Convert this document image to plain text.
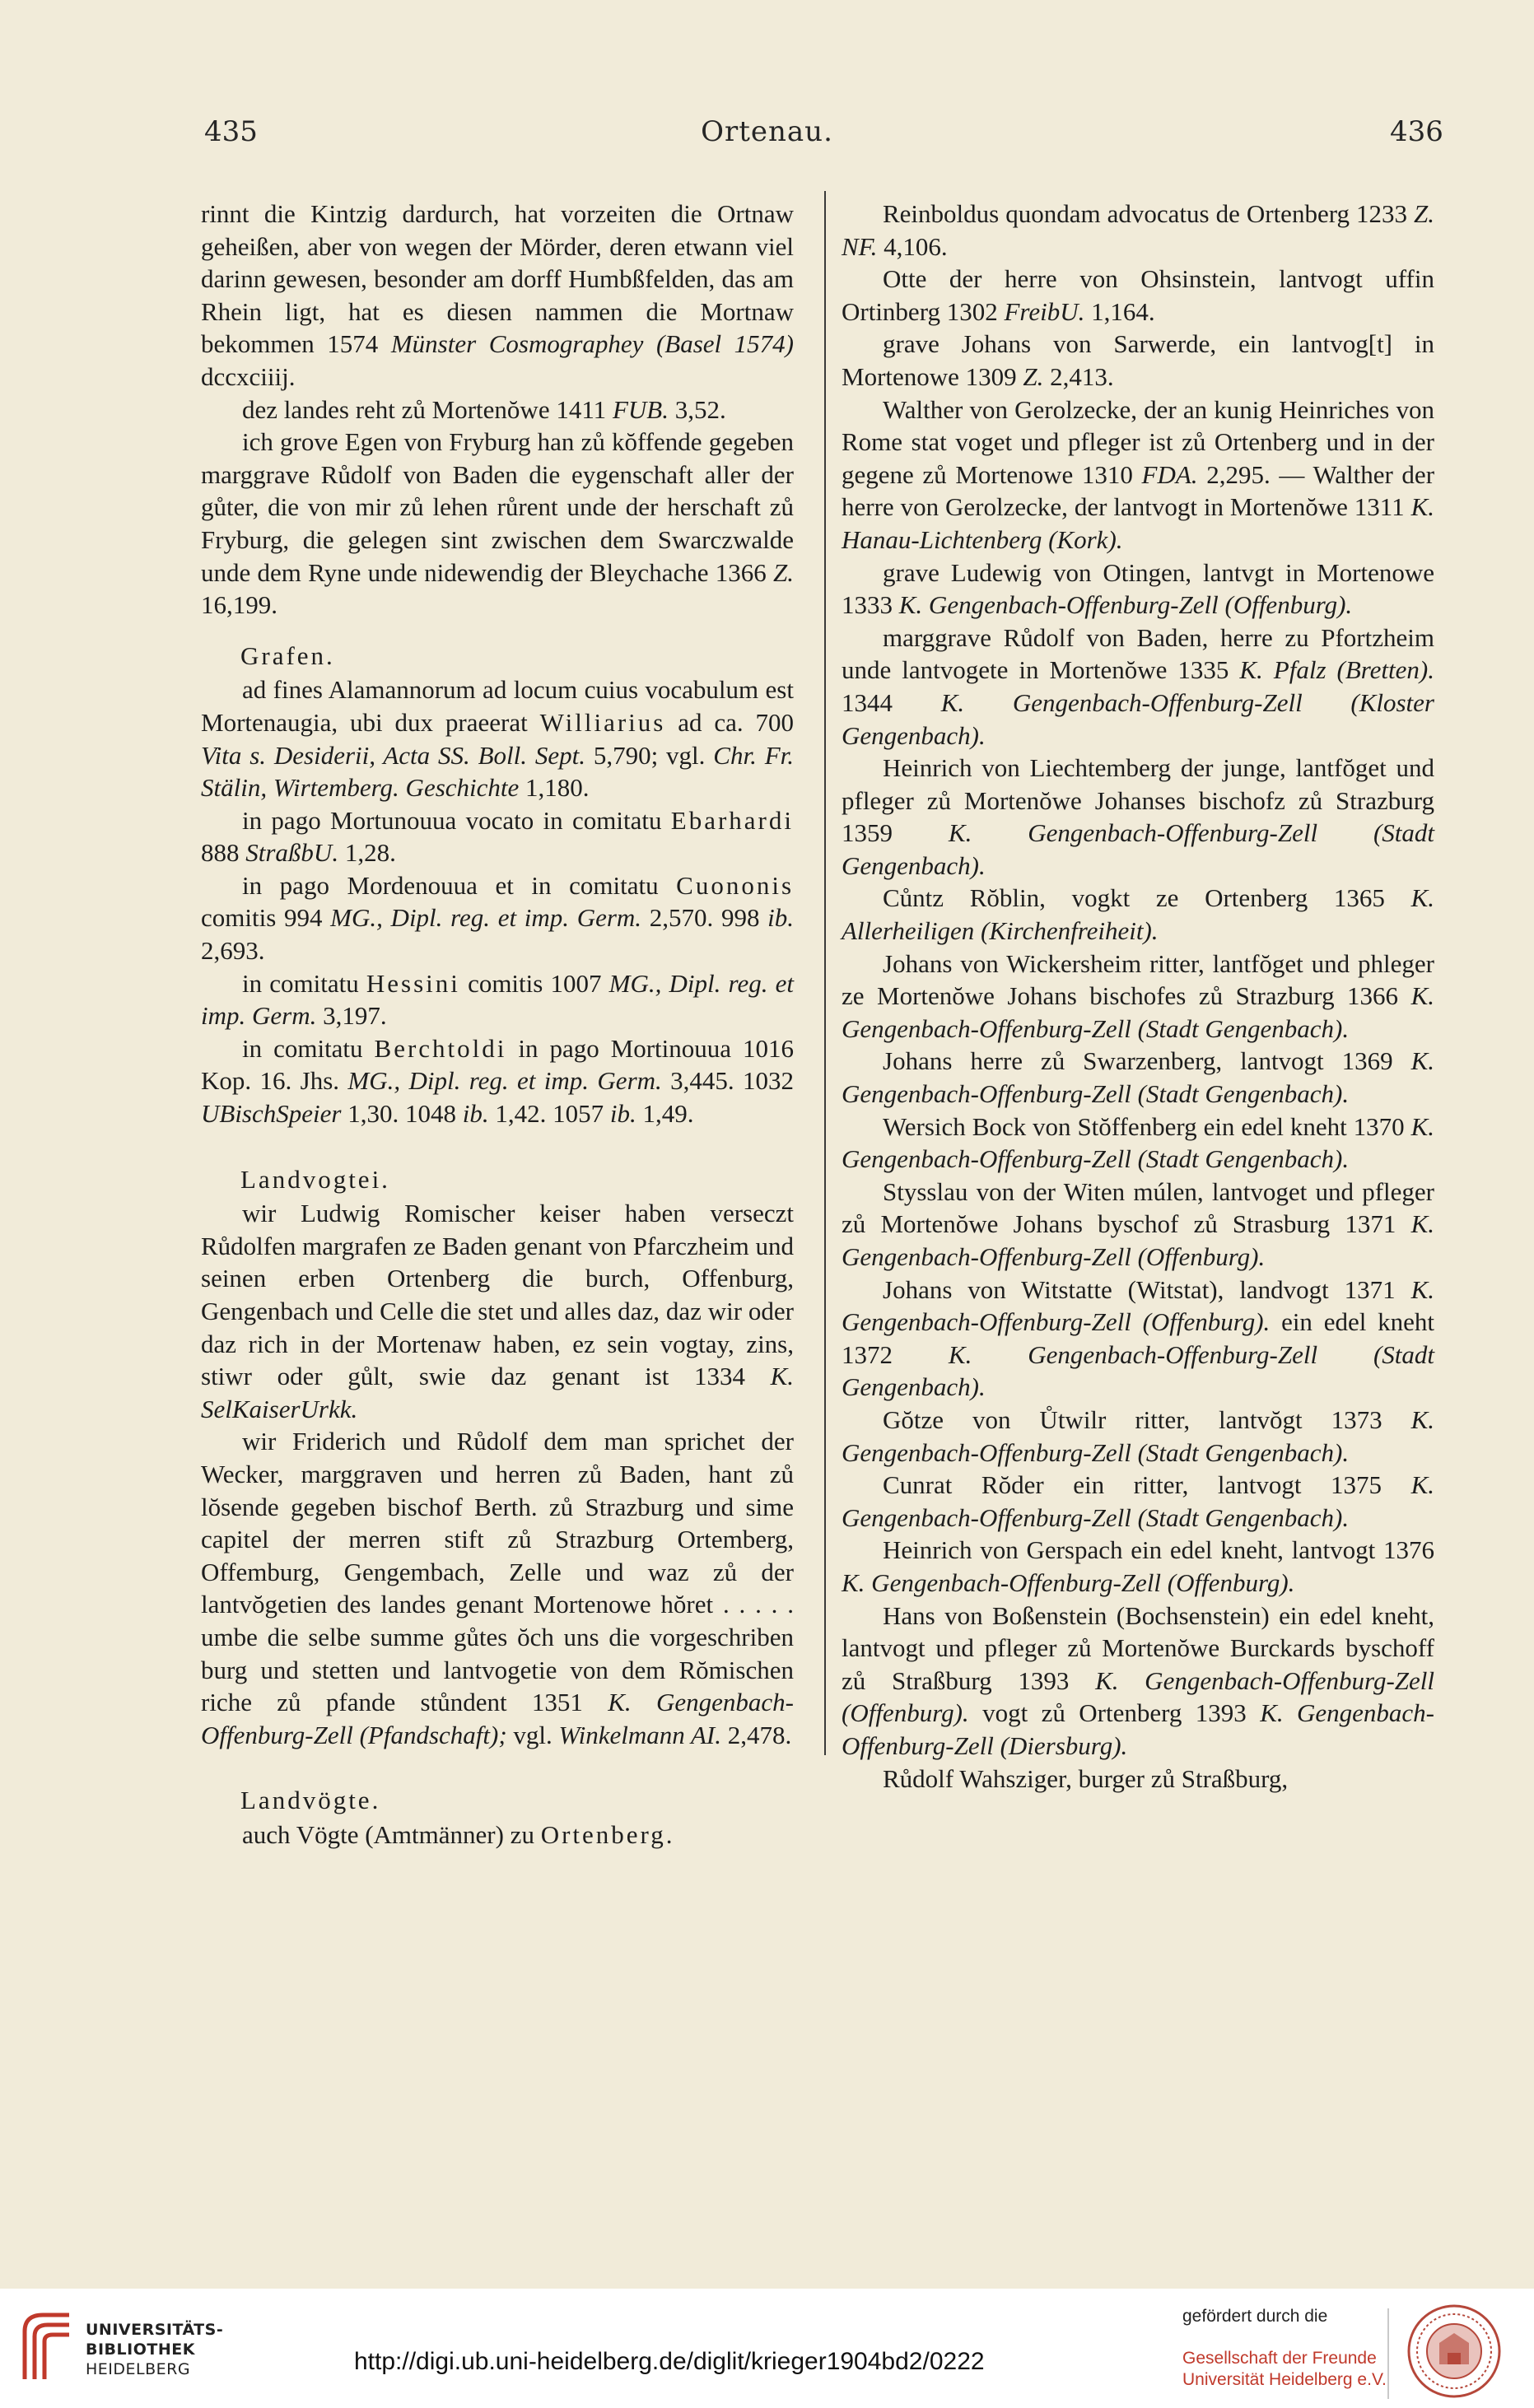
435	Ortenau.	436

rinnt die Kintzig dardurch, hat vorzeiten die Ortnaw geheißen, aber von wegen der Mörder, deren etwann viel darinn gewesen, besonder am dorff Humbßfelden, das am Rhein ligt, hat es diesen nammen die Mortnaw bekommen 1574 Münster Cosmographey (Basel 1574) dccxciiij.

dez landes reht zů Mortenŏwe 1411 FUB. 3,52.

ich grove Egen von Fryburg han zů kŏffende gegeben marggrave Růdolf von Baden die eygenschaft aller der gůter, die von mir zů lehen růrent unde der herschaft zů Fryburg, die gelegen sint zwischen dem Swarczwalde unde dem Ryne unde nidewendig der Bleychache 1366 Z. 16,199.

Grafen.

ad fines Alamannorum ad locum cuius vocabulum est Mortenaugia, ubi dux praeerat Williarius ad ca. 700 Vita s. Desiderii, Acta SS. Boll. Sept. 5,790; vgl. Chr. Fr. Stälin, Wirtemberg. Geschichte 1,180.

in pago Mortunouua vocato in comitatu Ebarhardi 888 StraßbU. 1,28.

in pago Mordenouua et in comitatu Cuononis comitis 994 MG., Dipl. reg. et imp. Germ. 2,570. 998 ib. 2,693.

in comitatu Hessini comitis 1007 MG., Dipl. reg. et imp. Germ. 3,197.

in comitatu Berchtoldi in pago Mortinouua 1016 Kop. 16. Jhs. MG., Dipl. reg. et imp. Germ. 3,445. 1032 UBischSpeier 1,30. 1048 ib. 1,42. 1057 ib. 1,49.

Landvogtei.

wir Ludwig Romischer keiser haben verseczt Růdolfen margrafen ze Baden genant von Pfarczheim und seinen erben Ortenberg die burch, Offenburg, Gengenbach und Celle die stet und alles daz, daz wir oder daz rich in der Mortenaw haben, ez sein vogtay, zins, stiwr oder gůlt, swie daz genant ist 1334 K. SelKaiserUrkk.

wir Friderich und Růdolf dem man sprichet der Wecker, marggraven und herren zů Baden, hant zů lŏsende gegeben bischof Berth. zů Strazburg und sime capitel der merren stift zů Strazburg Ortemberg, Offemburg, Gengembach, Zelle und waz zů der lantvŏgetien des landes genant Mortenowe hŏret . . . . . umbe die selbe summe gůtes ŏch uns die vorgeschriben burg und stetten und lantvogetie von dem Rŏmischen riche zů pfande stůndent 1351 K. Gengenbach-Offenburg-Zell (Pfandschaft); vgl. Winkelmann AI. 2,478.

Landvögte.

auch Vögte (Amtmänner) zu Ortenberg.

Reinboldus quondam advocatus de Ortenberg 1233 Z. NF. 4,106.

Otte der herre von Ohsinstein, lantvogt uffin Ortinberg 1302 FreibU. 1,164.

grave Johans von Sarwerde, ein lantvog[t] in Mortenowe 1309 Z. 2,413.

Walther von Gerolzecke, der an kunig Heinriches von Rome stat voget und pfleger ist zů Ortenberg und in der gegene zů Mortenowe 1310 FDA. 2,295. — Walther der herre von Gerolzecke, der lantvogt in Mortenŏwe 1311 K. Hanau-Lichtenberg (Kork).

grave Ludewig von Otingen, lantvgt in Mortenowe 1333 K. Gengenbach-Offenburg-Zell (Offenburg).

marggrave Růdolf von Baden, herre zu Pfortzheim unde lantvogete in Mortenŏwe 1335 K. Pfalz (Bretten). 1344 K. Gengenbach-Offenburg-Zell (Kloster Gengenbach).

Heinrich von Liechtemberg der junge, lantfŏget und pfleger zů Mortenŏwe Johanses bischofz zů Strazburg 1359 K. Gengenbach-Offenburg-Zell (Stadt Gengenbach).

Cůntz Rŏblin, vogkt ze Ortenberg 1365 K. Allerheiligen (Kirchenfreiheit).

Johans von Wickersheim ritter, lantfŏget und phleger ze Mortenŏwe Johans bischofes zů Strazburg 1366 K. Gengenbach-Offenburg-Zell (Stadt Gengenbach).

Johans herre zů Swarzenberg, lantvogt 1369 K. Gengenbach-Offenburg-Zell (Stadt Gengenbach).

Wersich Bock von Stŏffenberg ein edel kneht 1370 K. Gengenbach-Offenburg-Zell (Stadt Gengenbach).

Stysslau von der Witen múlen, lantvoget und pfleger zů Mortenŏwe Johans byschof zů Strasburg 1371 K. Gengenbach-Offenburg-Zell (Offenburg).

Johans von Witstatte (Witstat), landvogt 1371 K. Gengenbach-Offenburg-Zell (Offenburg). ein edel kneht 1372 K. Gengenbach-Offenburg-Zell (Stadt Gengenbach).

Gŏtze von Ůtwilr ritter, lantvŏgt 1373 K. Gengenbach-Offenburg-Zell (Stadt Gengenbach).

Cunrat Rŏder ein ritter, lantvogt 1375 K. Gengenbach-Offenburg-Zell (Stadt Gengenbach).

Heinrich von Gerspach ein edel kneht, lantvogt 1376 K. Gengenbach-Offenburg-Zell (Offenburg).

Hans von Boßenstein (Bochsenstein) ein edel kneht, lantvogt und pfleger zů Mortenŏwe Burckards byschoff zů Straßburg 1393 K. Gengenbach-Offenburg-Zell (Offenburg). vogt zů Ortenberg 1393 K. Gengenbach-Offenburg-Zell (Diersburg).

Růdolf Wahsziger, burger zů Straßburg,

UNIVERSITÄTS-
BIBLIOTHEK
HEIDELBERG	http://digi.ub.uni-heidelberg.de/diglit/krieger1904bd2/0222
gefördert durch die
Gesellschaft der Freunde
Universität Heidelberg e.V.
